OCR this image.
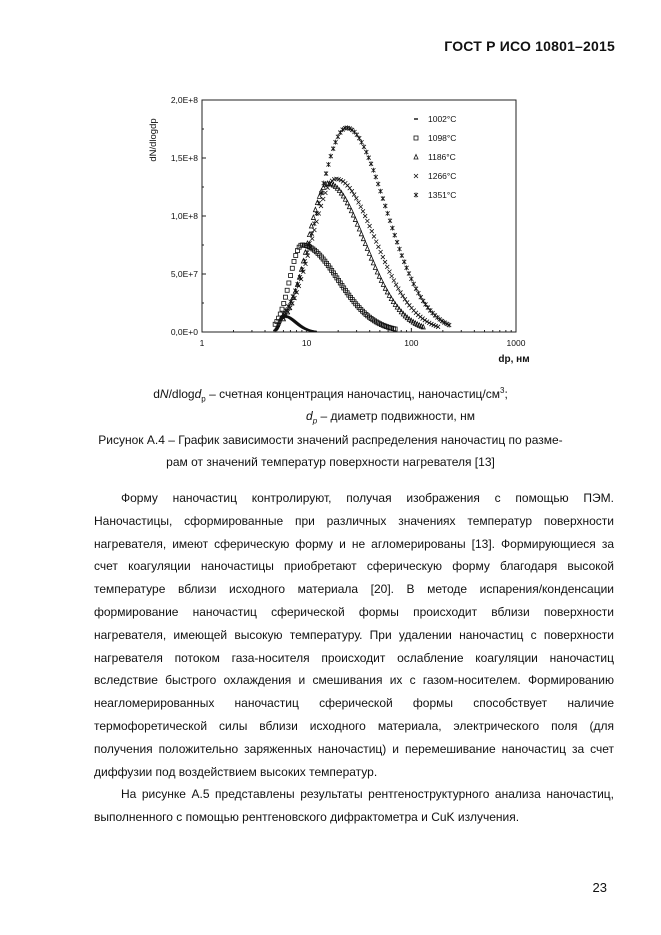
ГОСТ Р ИСО 10801–2015
0,0E+0
5,0E+7
1,0E+8
1,5E+8
2,0E+8
1	10	100	1000
dN/dlogdp
dp, нм
1002°C
1098°C
1186°C
1266°C
1351°C
dN/dlogd$_p$ – счетная концентрация наночастиц, наночастиц/$см^3$;
$d_p$ – диаметр подвижности, нм
Рисунок А.4 – График зависимости значений распределения наночастиц по разме-
рам от значений температур поверхности нагревателя [13]

Форму наночастиц контролируют, получая изображения с помощью ПЭМ. Наночастицы, сформированные при различных значениях температур поверхности нагревателя, имеют сферическую форму и не агломерированы [13]. Формирующиеся за счет коагуляции наночастицы приобретают сферическую форму благодаря высокой температуре вблизи исходного материала [20]. В методе испарения/конденсации формирование наночастиц сферической формы происходит вблизи поверхности нагревателя, имеющей высокую температуру. При удалении наночастиц с поверхности нагревателя потоком газа-носителя происходит ослабление коагуляции наночастиц вследствие быстрого охлаждения и смешивания их с газом-носителем. Формированию неагломерированных наночастиц сферической формы способствует наличие термофоретической силы вблизи исходного материала, электрического поля (для получения положительно заряженных наночастиц) и перемешивание наночастиц за счет диффузии под воздействием высоких температур.

На рисунке А.5 представлены результаты рентгеноструктурного анализа наночастиц, выполненного с помощью рентгеновского дифрактометра и CuK излучения.

23
